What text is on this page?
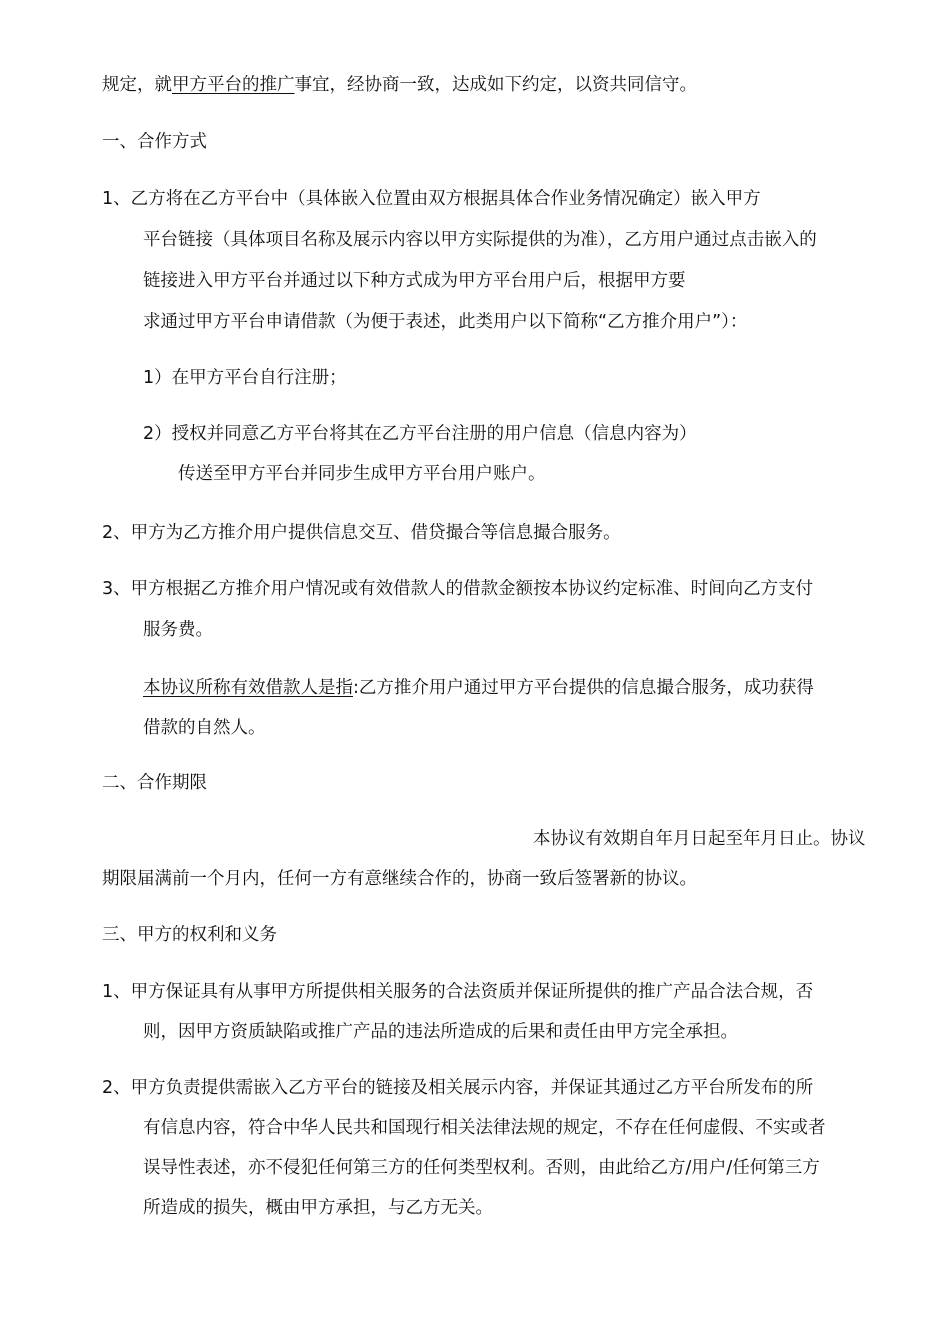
规定，就甲方平台的推广事宜，经协商一致，达成如下约定，以资共同信守。
一、合作方式
1、乙方将在乙方平台中（具体嵌入位置由双方根据具体合作业务情况确定）嵌入甲方
平台链接（具体项目名称及展示内容以甲方实际提供的为准），乙方用户通过点击嵌入的
链接进入甲方平台并通过以下种方式成为甲方平台用户后，根据甲方要
求通过甲方平台申请借款（为便于表述，此类用户以下简称“乙方推介用户”）：
1）在甲方平台自行注册；
2）授权并同意乙方平台将其在乙方平台注册的用户信息（信息内容为）
传送至甲方平台并同步生成甲方平台用户账户。
2、甲方为乙方推介用户提供信息交互、借贷撮合等信息撮合服务。
3、甲方根据乙方推介用户情况或有效借款人的借款金额按本协议约定标准、时间向乙方支付
服务费。
本协议所称有效借款人是指:乙方推介用户通过甲方平台提供的信息撮合服务，成功获得
借款的自然人。
二、合作期限
本协议有效期自年月日起至年月日止。协议
期限届满前一个月内，任何一方有意继续合作的，协商一致后签署新的协议。
三、甲方的权利和义务
1、甲方保证具有从事甲方所提供相关服务的合法资质并保证所提供的推广产品合法合规，否
则，因甲方资质缺陷或推广产品的违法所造成的后果和责任由甲方完全承担。
2、甲方负责提供需嵌入乙方平台的链接及相关展示内容，并保证其通过乙方平台所发布的所
有信息内容，符合中华人民共和国现行相关法律法规的规定，不存在任何虚假、不实或者
误导性表述，亦不侵犯任何第三方的任何类型权利。否则，由此给乙方/用户/任何第三方
所造成的损失，概由甲方承担，与乙方无关。
